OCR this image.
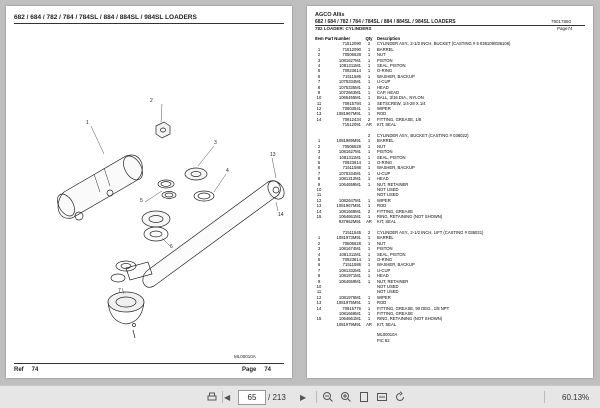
682 / 684 / 782 / 784 / 784SL / 884 / 884SL / 984SL LOADERS
2
1
3
4
5
13
14
6
7
ML00010A
Ref 74	Page 74
AGCO Allis
682 / 684 / 782 / 784 / 784SL / 884 / 884SL / 984SL LOADERS	79017860
782 LOADER: CYLINDERS	Page74
Item Part Number	Qty Description
71512090	2	CYLINDER ASY., 2-1/2 INCH, BUCKET (CASTING # 5 036109/036106)
1	71512090	1	BARREL
2	70506628	1	NUT
3	1081627M1	1	PISTON
4	1081311M1	1	SEAL, PISTON
5	70923614	1	O-RING
6	71511586	1	WASHER, BACKUP
7	1075334M1	1	U-CUP
8	1075335M1	1	HEAD
9	1072663M1	1	CAP, HEAD
10	1065455M1	1	BALL, 3/16 DIA., NYLON
11	70915794	1	SETSCREW, 1/4-28 X 1/4
12	70803541	1	WIPER
13	1081967M91	1	ROD
14	70912434	2	FITTING, GREASE, 1/8
71512091 AR KIT, SEAL
2	CYLINDER ASY., BUCKET (CASTING # 036022)
1	1081969M91	1	BARREL
2	70506628	1	NUT
3	1081627M1	1	PISTON
4	1081311M1	1	SEAL, PISTON
5	70923614	1	O-RING
6	71511586	1	WASHER, BACKUP
7	1075334M1	1	U-CUP
8	1081312M1	1	HEAD
9	1064659M1	1	NUT, RETAINER
10	NOT USED
11	NOT USED
12	1082647M1	1	WIPER
13	1081967M91	1	ROD
14	1081669M1	2	FITTING, GREASE
15	1064661M1	1	RING, RETAINING (NOT SHOWN)
937862M91 AR KIT, SEAL
71511545	2	CYLINDER ASY., 2-1/2 INCH, LIFT (CASTING # 036021)
1	1081973M91	1	BARREL
2	70506628	1	NUT
3	1081674M1	1	PISTON
4	1081311M1	1	SEAL, PISTON
5	70923614	1	O-RING
6	71511586	1	WASHER, BACKUP
7	1081332M1	1	U-CUP
8	1081971M1	1	HEAD
9	1064659M1	1	NUT, RETAINER
10	NOT USED
11	NOT USED
12	1081976M1	1	WIPER
13	1081975M91	1	ROD
14	70915776	1	FITTING, GREASE, 90 DEG., 1/8 NPT
1081669M1	1	FITTING, GREASE
15	1064661M1	1	RING, RETAINING (NOT SHOWN)
1081979M91 AR KIT, SEAL
ML00010A
FIC 62
◀	65	/ 213 ▶	60.13%
